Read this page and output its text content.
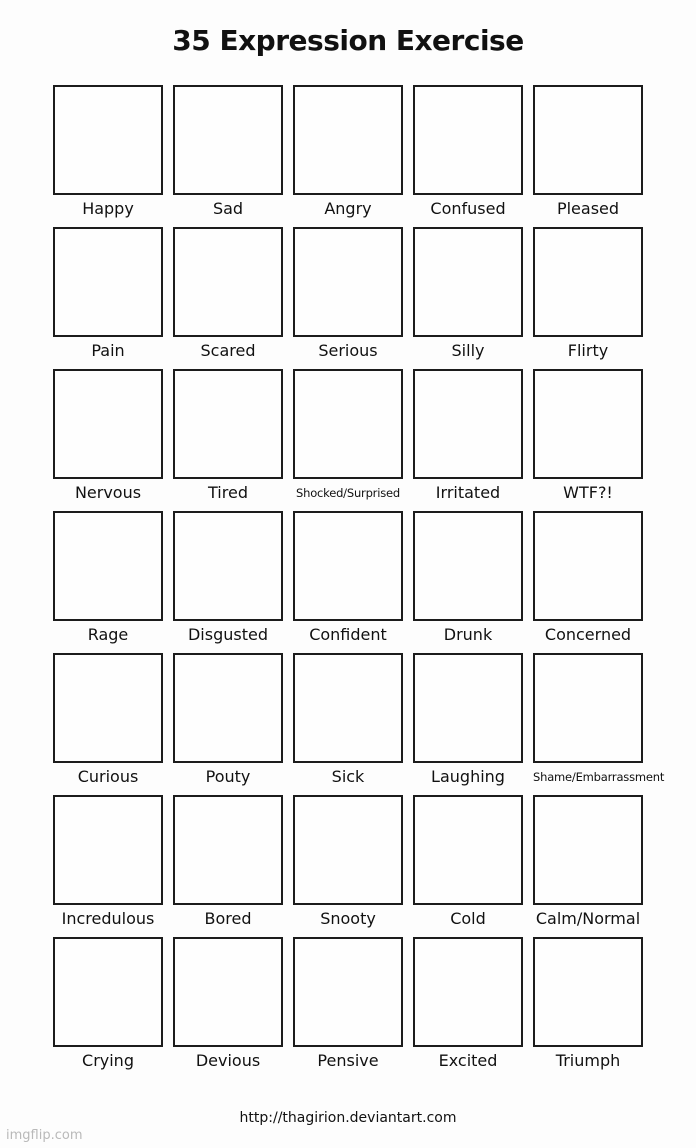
35 Expression Exercise
Happy	Sad	Angry	Confused	Pleased
Pain	Scared	Serious	Silly	Flirty
Nervous	Tired	Shocked/Surprised	Irritated	WTF?!
Rage	Disgusted	Confident	Drunk	Concerned
Curious	Pouty	Sick	Laughing	Shame/Embarrassment
Incredulous	Bored	Snooty	Cold	Calm/Normal
Crying	Devious	Pensive	Excited	Triumph
http://thagirion.deviantart.com
imgflip.com
